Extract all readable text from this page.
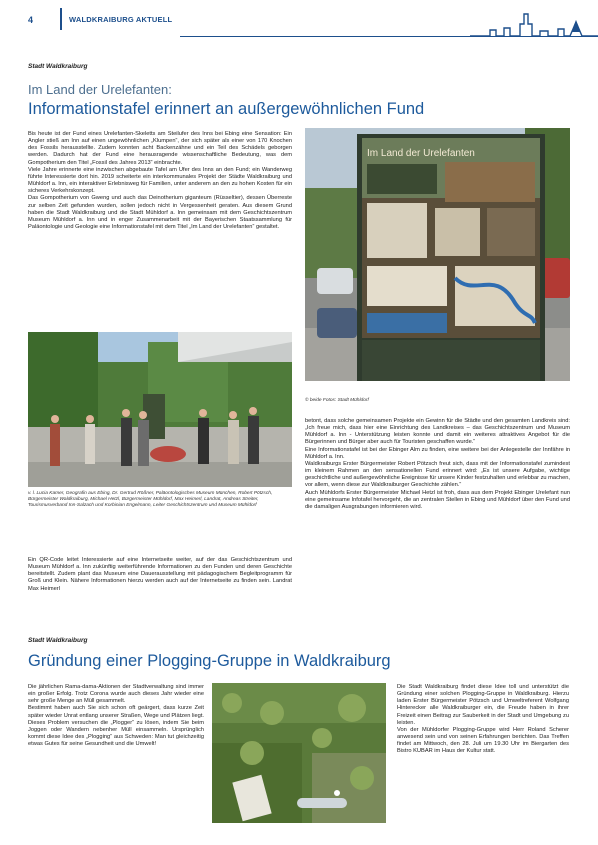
4	WALDKRAIBURG AKTUELL
Stadt Waldkraiburg
Im Land der Urelefanten:
Informationstafel erinnert an außergewöhnlichen Fund

Bis heute ist der Fund eines Urelefanten-Skeletts am Steilufer des Inns bei Ebing eine Sensation: Ein Angler stieß am Inn auf einen ungewöhnlichen „Klumpen“, der sich später als einer von 170 Knochen des Fossils herausstellte. Zudem konnten acht Backenzähne und ein Teil des Schädels geborgen werden. Dadurch hat der Fund eine herausragende wissenschaftliche Bedeutung, was dem Gompotherium den Titel „Fossil des Jahres 2013“ einbrachte.

Viele Jahre erinnerte eine inzwischen abgebaute Tafel am Ufer des Inns an den Fund; ein Wanderweg führte Interessierte dort hin. 2019 scheiterte ein interkommunales Projekt der Städte Waldkraiburg und Mühldorf a. Inn, ein interaktiver Erlebnisweg für Familien, unter anderem an den zu hohen Kosten für ein sicheres Verkehrskonzept.

Das Gompotherium von Gweng und auch das Deinotherium giganteum (Rüsseltier), dessen Überreste zur selben Zeit gefunden wurden, sollen jedoch nicht in Vergessenheit geraten. Aus diesem Grund haben die Stadt Waldkraiburg und die Stadt Mühldorf a. Inn gemeinsam mit dem Geschichtszentrum Museum Mühldorf a. Inn und in enger Zusammenarbeit mit der Bayerischen Staatssammlung für Paläontologie und Geologie eine Informationstafel mit dem Titel „Im Land der Urelefanten“ gestaltet.

Im Land der Urelefanten
© beide Fotos: Stadt Mühldorf
v. l. Lucia Kamer, Geografin aus Ebing, Dr. Gertrud Rößner, Paläontologisches Museum München, Robert Pötzsch, Bürgermeister Waldkraiburg, Michael Hetzl, Bürgermeister Mühldorf, Max Heimerl, Landrat, Andreas Streiter, Tourismusverband Inn-Salzach und Korbinian Engelmann, Leiter Geschichtszentrum und Museum Mühldorf

Ein QR-Code leitet Interessierte auf eine Internetseite weiter, auf der das Geschichtszentrum und Museum Mühldorf a. Inn zukünftig weiterführende Informationen zu den Funden und deren Geschichte bereitstellt. Zudem plant das Museum eine Dauerausstellung mit pädagogischem Begleitprogramm für Groß und Klein. Nähere Informationen hierzu werden auch auf der Internetseite zu finden sein. Landrat Max Heimerl

betont, dass solche gemeinsamen Projekte ein Gewinn für die Städte und den gesamten Landkreis sind: „Ich freue mich, dass hier eine Einrichtung des Landkreises – das Geschichtszentrum und Museum Mühldorf a. Inn - Unterstützung leisten konnte und damit ein weiteres attraktives Angebot für die Bürgerinnen und Bürger aber auch für Touristen geschaffen wurde.“

Eine Informationstafel ist bei der Ebinger Alm zu finden, eine weitere bei der Anlegestelle der Innfähre in Mühldorf a. Inn.

Waldkraiburgs Erster Bürgermeister Robert Pötzsch freut sich, dass mit der Informationstafel zumindest im kleinem Rahmen an den sensationellen Fund erinnert wird: „Es ist unsere Aufgabe, wichtige geschichtliche und außergewöhnliche Ereignisse für unsere Kinder festzuhalten und erlebbar zu machen, vor allem, wenn diese zur Waldkraiburger Geschichte zählen.“

Auch Mühldorfs Erster Bürgermeister Michael Hetzl ist froh, dass aus dem Projekt Ebinger Urelefant nun eine gemeinsame Infotafel hervorgeht, die an zentralen Stellen in Ebing und Mühldorf über den Fund und die damaligen Ausgrabungen informieren wird.

Stadt Waldkraiburg
Gründung einer Plogging-Gruppe in Waldkraiburg

Die jährlichen Rama-dama-Aktionen der Stadtverwaltung sind immer ein großer Erfolg. Trotz Corona wurde auch dieses Jahr wieder eine sehr große Menge an Müll gesammelt.

Bestimmt haben auch Sie sich schon oft geärgert, dass kurze Zeit später wieder Unrat entlang unserer Straßen, Wege und Plätzen liegt. Dieses Problem versuchen die „Plogger“ zu lösen, indem Sie beim Joggen oder Wandern nebenher Müll einsammeln. Ursprünglich kommt diese Idee des „Plogging“ aus Schweden: Man tut gleichzeitig etwas Gutes für seine Gesundheit und die Umwelt!

Die Stadt Waldkraiburg findet diese Idee toll und unterstützt die Gründung einer solchen Plogging-Gruppe in Waldkraiburg. Hierzu laden Erster Bürgermeister Pötzsch und Umweltreferent Wolfgang Hinterecker alle Waldkraiburger ein, die Freude haben in ihrer Freizeit einen Beitrag zur Sauberkeit in der Stadt und Umgebung zu leisten.

Von der Mühldorfer Plogging-Gruppe wird Herr Roland Scherer anwesend sein und von seinen Erfahrungen berichten. Das Treffen findet am Mittwoch, den 28. Juli um 19.30 Uhr im Biergarten des Bistro KUBAR im Haus der Kultur statt.
